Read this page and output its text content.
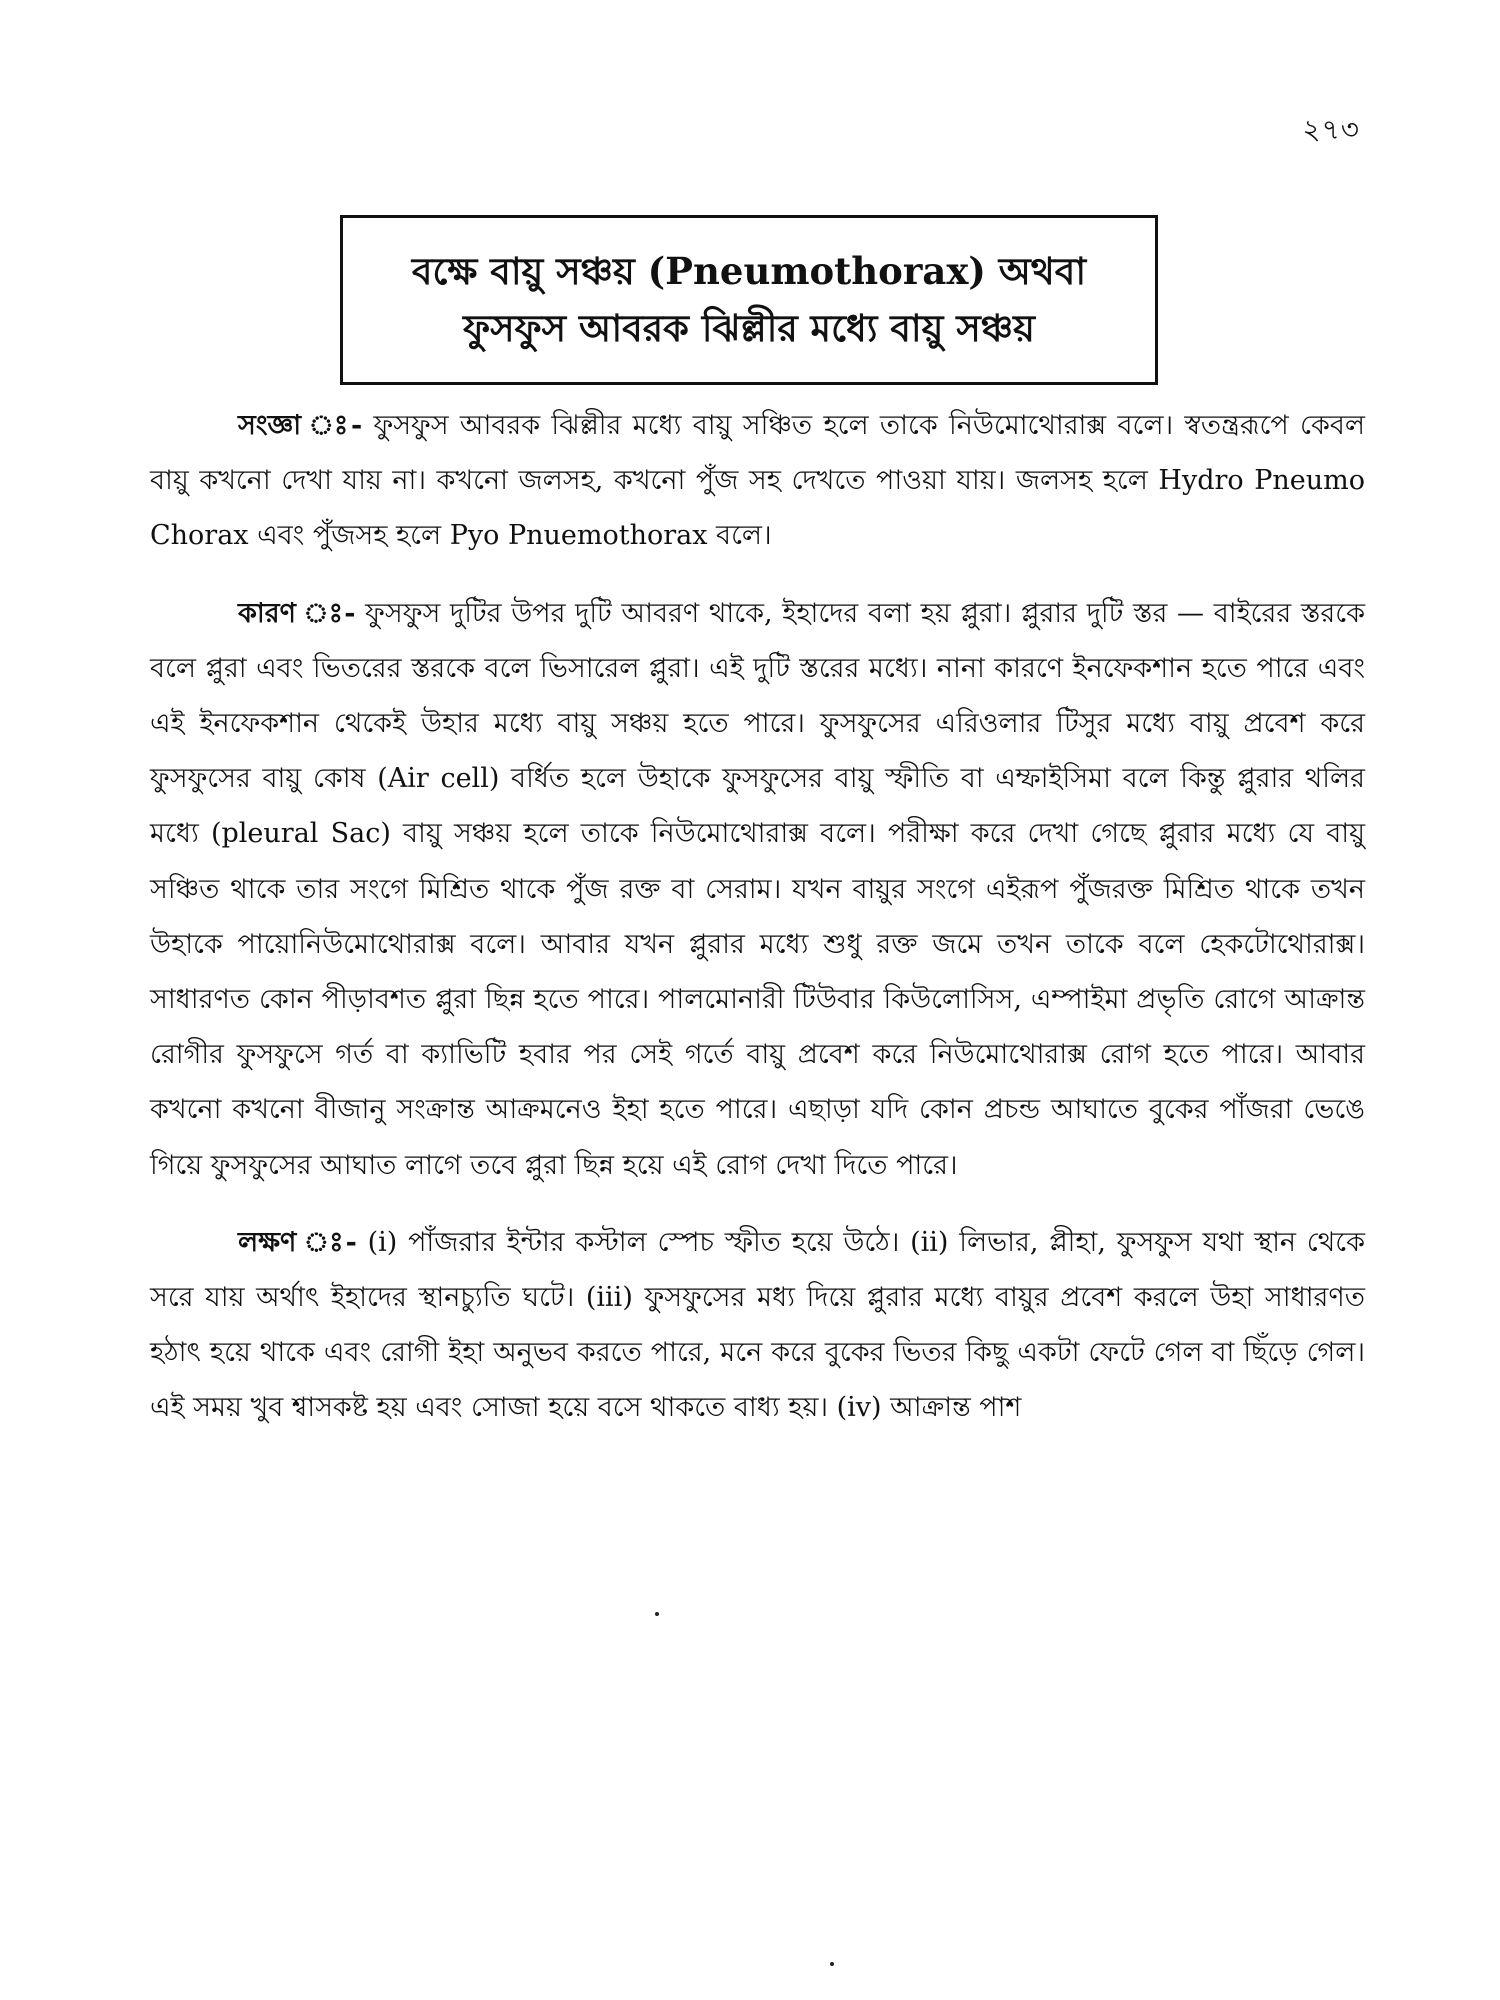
২৭৩
বক্ষে বায়ু সঞ্চয় (Pneumothorax) অথবা
ফুসফুস আবরক ঝিল্লীর মধ্যে বায়ু সঞ্চয়

সংজ্ঞা ঃ- ফুসফুস আবরক ঝিল্লীর মধ্যে বায়ু সঞ্চিত হলে তাকে নিউমোথোরাক্স বলে। স্বতন্ত্ররূপে কেবল বায়ু কখনো দেখা যায় না। কখনো জলসহ, কখনো পুঁজ সহ দেখতে পাওয়া যায়। জলসহ হলে Hydro Pneumo Chorax এবং পুঁজসহ হলে Pyo Pnuemothorax বলে।

কারণ ঃ- ফুসফুস দুটির উপর দুটি আবরণ থাকে, ইহাদের বলা হয় প্লুরা। প্লুরার দুটি স্তর — বাইরের স্তরকে বলে প্লুরা এবং ভিতরের স্তরকে বলে ভিসারেল প্লুরা। এই দুটি স্তরের মধ্যে। নানা কারণে ইনফেকশান হতে পারে এবং এই ইনফেকশান থেকেই উহার মধ্যে বায়ু সঞ্চয় হতে পারে। ফুসফুসের এরিওলার টিসুর মধ্যে বায়ু প্রবেশ করে ফুসফুসের বায়ু কোষ (Air cell) বর্ধিত হলে উহাকে ফুসফুসের বায়ু স্ফীতি বা এম্ফাইসিমা বলে কিন্তু প্লুরার থলির মধ্যে (pleural Sac) বায়ু সঞ্চয় হলে তাকে নিউমোথোরাক্স বলে। পরীক্ষা করে দেখা গেছে প্লুরার মধ্যে যে বায়ু সঞ্চিত থাকে তার সংগে মিশ্রিত থাকে পুঁজ রক্ত বা সেরাম। যখন বায়ুর সংগে এইরূপ পুঁজরক্ত মিশ্রিত থাকে তখন উহাকে পায়োনিউমোথোরাক্স বলে। আবার যখন প্লুরার মধ্যে শুধু রক্ত জমে তখন তাকে বলে হেকটোথোরাক্স। সাধারণত কোন পীড়াবশত প্লুরা ছিন্ন হতে পারে। পালমোনারী টিউবার কিউলোসিস, এম্পাইমা প্রভৃতি রোগে আক্রান্ত রোগীর ফুসফুসে গর্ত বা ক্যাভিটি হবার পর সেই গর্তে বায়ু প্রবেশ করে নিউমোথোরাক্স রোগ হতে পারে। আবার কখনো কখনো বীজানু সংক্রান্ত আক্রমনেও ইহা হতে পারে। এছাড়া যদি কোন প্রচন্ড আঘাতে বুকের পাঁজরা ভেঙে গিয়ে ফুসফুসের আঘাত লাগে তবে প্লুরা ছিন্ন হয়ে এই রোগ দেখা দিতে পারে।

লক্ষণ ঃ- (i) পাঁজরার ইন্টার কস্টাল স্পেচ স্ফীত হয়ে উঠে। (ii) লিভার, প্লীহা, ফুসফুস যথা স্থান থেকে সরে যায় অর্থাৎ ইহাদের স্থানচ্যুতি ঘটে। (iii) ফুসফুসের মধ্য দিয়ে প্লুরার মধ্যে বায়ুর প্রবেশ করলে উহা সাধারণত হঠাৎ হয়ে থাকে এবং রোগী ইহা অনুভব করতে পারে, মনে করে বুকের ভিতর কিছু একটা ফেটে গেল বা ছিঁড়ে গেল। এই সময় খুব শ্বাসকষ্ট হয় এবং সোজা হয়ে বসে থাকতে বাধ্য হয়। (iv) আক্রান্ত পাশ
